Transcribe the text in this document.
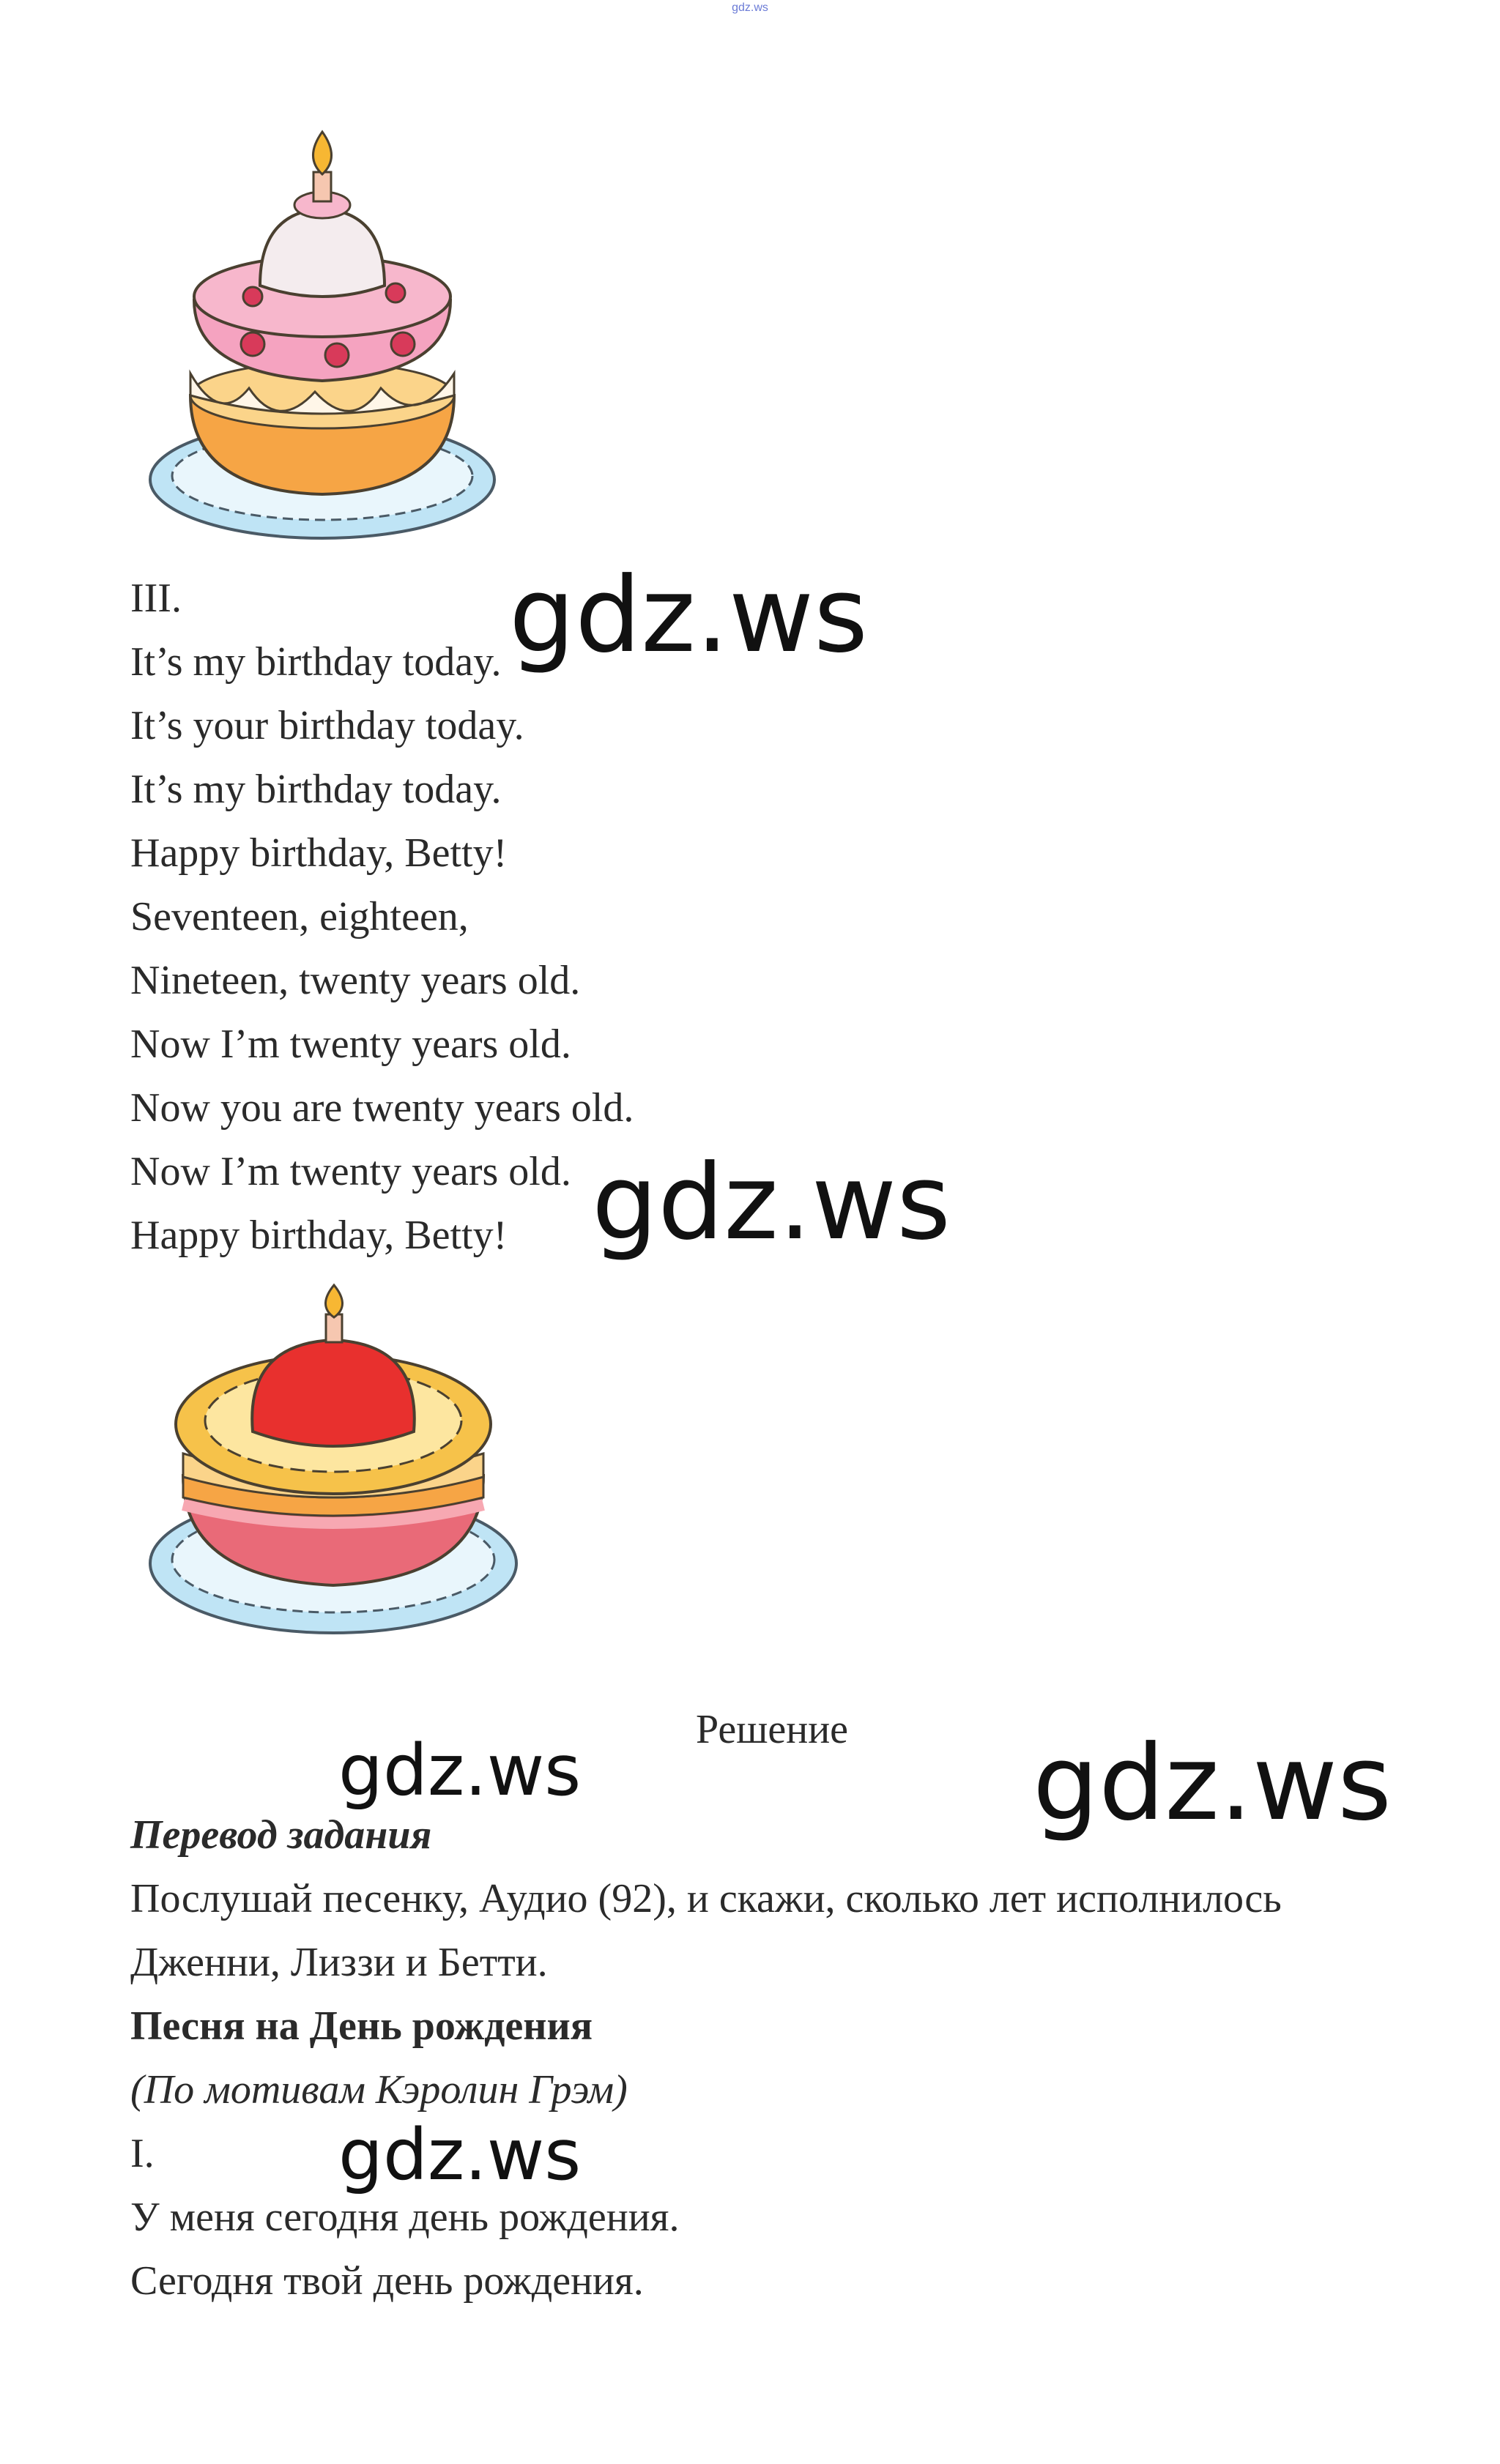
gdz.ws
III.
It’s my birthday today.
It’s your birthday today.
It’s my birthday today.
Happy birthday, Betty!
Seventeen, eighteen,
Nineteen, twenty years old.
Now I’m twenty years old.
Now you are twenty years old.
Now I’m twenty years old.
Happy birthday, Betty!
gdz.ws
gdz.ws
Решение
gdz.ws	gdz.ws
Перевод задания
Послушай песенку, Аудио (92), и скажи, сколько лет исполнилось
Дженни, Лиззи и Бетти.
Песня на День рождения
(По мотивам Кэролин Грэм)
I.	gdz.ws
У меня сегодня день рождения.
Сегодня твой день рождения.
